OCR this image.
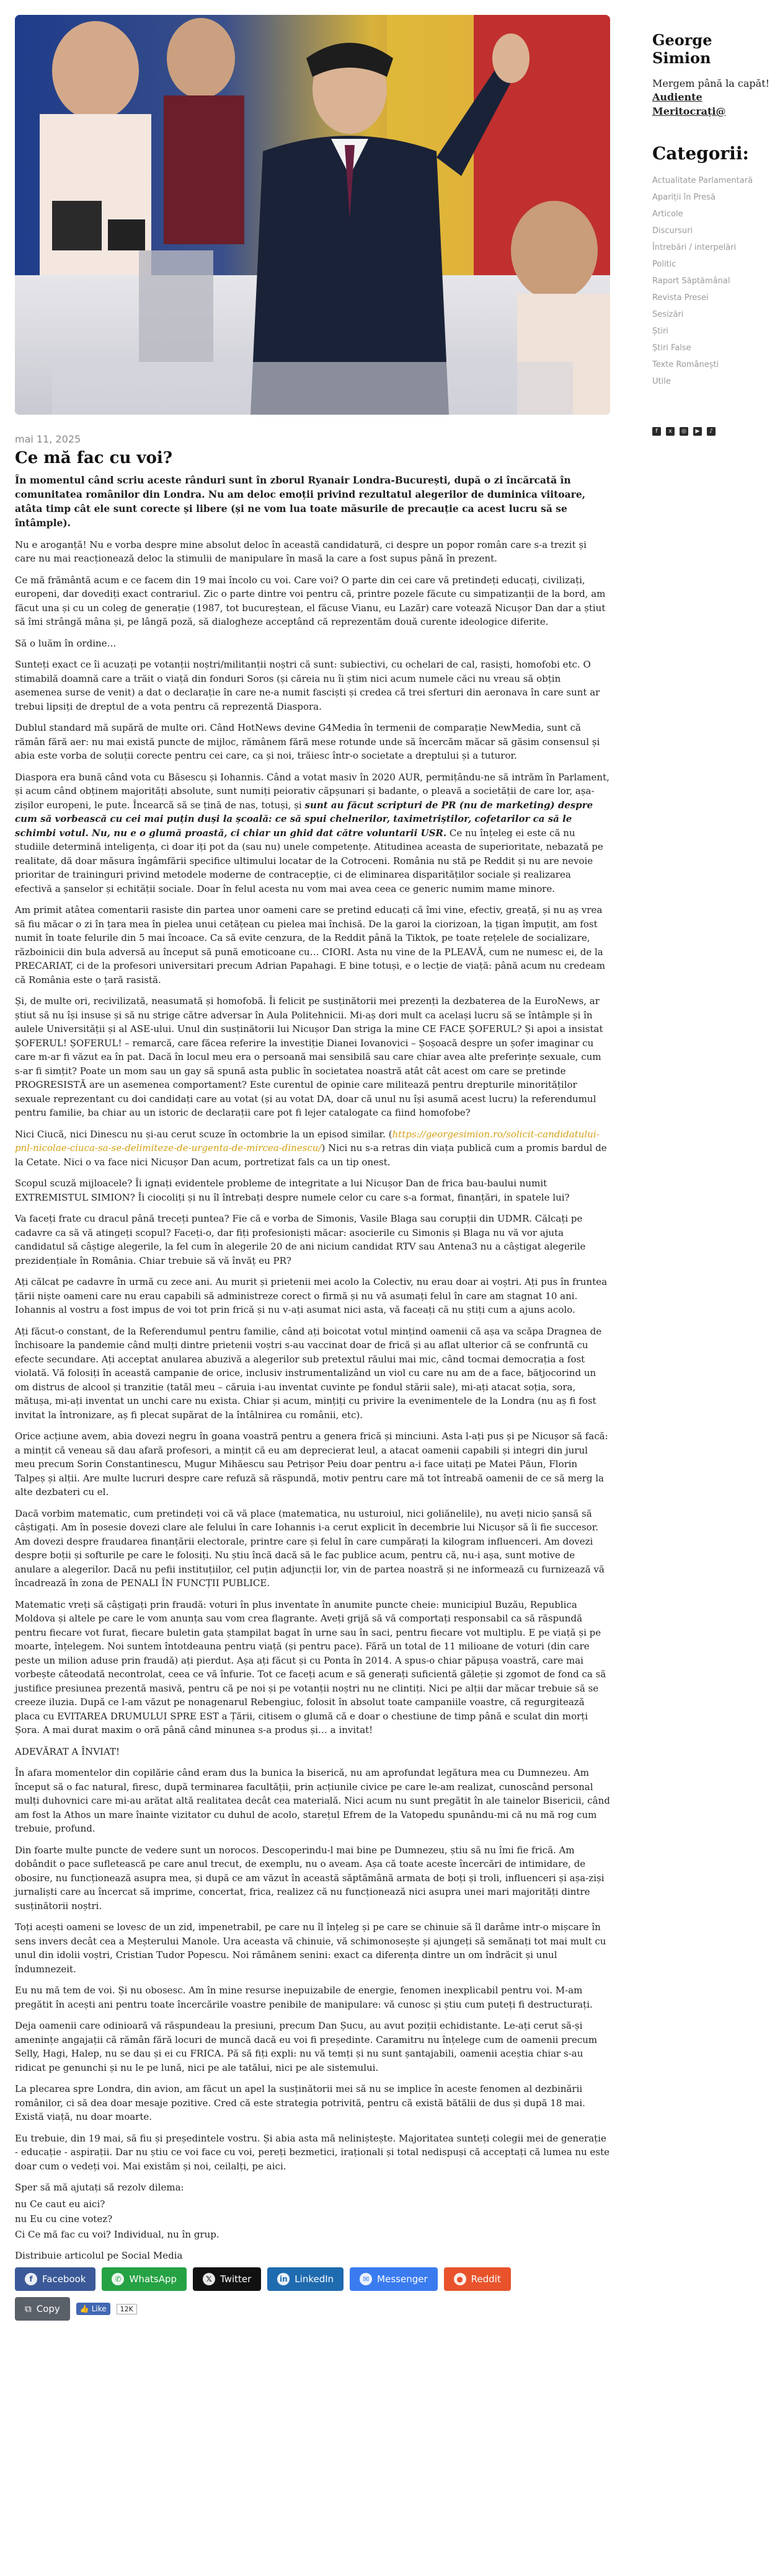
mai 11, 2025
Ce mă fac cu voi?

În momentul când scriu aceste rânduri sunt în zborul Ryanair Londra-București, după o zi încărcată în comunitatea românilor din Londra. Nu am deloc emoții privind rezultatul alegerilor de duminica viitoare, atâta timp cât ele sunt corecte și libere (și ne vom lua toate măsurile de precauție ca acest lucru să se întâmple).

Nu e aroganță! Nu e vorba despre mine absolut deloc în această candidatură, ci despre un popor român care s-a trezit și care nu mai reacționează deloc la stimulii de manipulare în masă la care a fost supus până în prezent.

Ce mă frământă acum e ce facem din 19 mai încolo cu voi. Care voi? O parte din cei care vă pretindeți educați, civilizați, europeni, dar dovediți exact contrariul. Zic o parte dintre voi pentru că, printre pozele făcute cu simpatizanții de la bord, am făcut una și cu un coleg de generație (1987, tot bucureștean, el făcuse Vianu, eu Lazăr) care votează Nicușor Dan dar a știut să îmi strângă mâna și, pe lângă poză, să dialogheze acceptând că reprezentăm două curente ideologice diferite.

Să o luăm în ordine…

Sunteți exact ce îi acuzați pe votanții noștri/militanții noștri că sunt: subiectivi, cu ochelari de cal, rasiști, homofobi etc. O stimabilă doamnă care a trăit o viață din fonduri Soros (și căreia nu îi știm nici acum numele căci nu vreau să obțin asemenea surse de venit) a dat o declarație în care ne-a numit fasciști și credea că trei sferturi din aeronava în care sunt ar trebui lipsiți de dreptul de a vota pentru că reprezentă Diaspora.

Dublul standard mă supără de multe ori. Când HotNews devine G4Media în termenii de comparație NewMedia, sunt că rămân fără aer: nu mai există puncte de mijloc, rămânem fără mese rotunde unde să încercăm măcar să găsim consensul și abia este vorba de soluții corecte pentru cei care, ca și noi, trăiesc într-o societate a dreptului și a tuturor.

Diaspora era bună când vota cu Băsescu și Iohannis. Când a votat masiv în 2020 AUR, permițându-ne să intrăm în Parlament, și acum când obținem majorități absolute, sunt numiți peiorativ căpșunari și badante, o pleavă a societății de care lor, așa-zișilor europeni, le pute. Încearcă să se țină de nas, totuși, și sunt au făcut scripturi de PR (nu de marketing) despre cum să vorbească cu cei mai puțin duși la școală: ce să spui chelnerilor, taximetriștilor, cofetarilor ca să le schimbi votul. Nu, nu e o glumă proastă, ci chiar un ghid dat către voluntarii USR. Ce nu înțeleg ei este că nu studiile determină inteligența, ci doar iți pot da (sau nu) unele competențe. Atitudinea aceasta de superioritate, nebazată pe realitate, dă doar măsura îngâmfării specifice ultimului locatar de la Cotroceni. România nu stă pe Reddit și nu are nevoie prioritar de trainingurі privind metodele moderne de contracepție, ci de eliminarea disparităților sociale și realizarea efectivă a șanselor și echității sociale. Doar în felul acesta nu vom mai avea ceea ce generic numim mame minore.

Am primit atâtea comentarii rasiste din partea unor oameni care se pretind educați că îmi vine, efectiv, greață, și nu aș vrea să fiu măcar o zi în țara mea în pielea unui cetățean cu pielea mai închisă. De la garoi la ciorizoan, la țigan împuțit, am fost numit în toate felurile din 5 mai încoace. Ca să evite cenzura, de la Reddit până la Tiktok, pe toate rețelele de socializare, războinicii din bula adversă au început să pună emoticoane cu… CIORI. Asta nu vine de la PLEAVĂ, cum ne numesc ei, de la PRECARIAT, ci de la profesori universitari precum Adrian Papahagi. E bine totuși, e o lecție de viață: până acum nu credeam că România este o țară rasistă.

Și, de multe ori, recivilizată, neasumată și homofobă. Îi felicit pe susținătorii mei prezenți la dezbaterea de la EuroNews, ar știut să nu își insuse și să nu strige către adversar în Aula Politehnicii. Mi-aș dori mult ca același lucru să se întâmple și în aulele Universității și al ASE-ului. Unul din susținătorii lui Nicușor Dan striga la mine CE FACE ȘOFERUL? Și apoi a insistat ȘOFERUL! ȘOFERUL! – remarcă, care făcea referire la investiție Dianei Iovanovici – Șoșoacă despre un șofer imaginar cu care m-ar fi văzut ea în pat. Dacă în locul meu era o persoană mai sensibilă sau care chiar avea alte preferințe sexuale, cum s-ar fi simțit? Poate un mom sau un gay să spună asta public în societatea noastră atât cât acest om care se pretinde PROGRESISTĂ are un asemenea comportament? Este curentul de opinie care militează pentru drepturile minorităților sexuale reprezentant cu doi candidați care au votat (și au votat DA, doar că unul nu își asumă acest lucru) la referendumul pentru familie, ba chiar au un istoric de declarații care pot fi lejer catalogate ca fiind homofobe?

Nici Ciucă, nici Dinescu nu și-au cerut scuze în octombrie la un episod similar. (https://georgesimion.ro/solicit-candidatului-pnl-nicolae-ciuca-sa-se-delimiteze-de-urgenta-de-mircea-dinescu/) Nici nu s-a retras din viața publică cum a promis bardul de la Cetate. Nici o va face nici Nicușor Dan acum, portretizat fals ca un tip onest.

Scopul scuză mijloacele? Îi ignați evidentele probleme de integritate a lui Nicușor Dan de frica bau-baului numit EXTREMISTUL SIMION? Îi ciocoliți și nu îl întrebați despre numele celor cu care s-a format, finanțări, in spatele lui?

Va faceți frate cu dracul până treceți puntea? Fie că e vorba de Simonis, Vasile Blaga sau corupții din UDMR. Călcați pe cadavre ca să vă atingeți scopul? Faceți-o, dar fiți profesioniști măcar: asocierile cu Simonis și Blaga nu vă vor ajuta candidatul să câștige alegerile, la fel cum în alegerile 20 de ani nicium candidat RTV sau Antena3 nu a câștigat alegerile prezidențiale în România. Chiar trebuie să vă învăț eu PR?

Ați călcat pe cadavre în urmă cu zece ani. Au murit și prietenii mei acolo la Colectiv, nu erau doar ai voștri. Ați pus în fruntea țării niște oameni care nu erau capabili să administreze corect o firmă și nu vă asumați felul în care am stagnat 10 ani. Iohannis al vostru a fost impus de voi tot prin frică și nu v-ați asumat nici asta, vă faceați că nu știți cum a ajuns acolo.

Ați făcut-o constant, de la Referendumul pentru familie, când ați boicotat votul mințind oamenii că așa va scăpa Dragnea de închisoare la pandemie când mulți dintre prietenii voștri s-au vaccinat doar de frică și au aflat ulterior că se confruntă cu efecte secundare. Ați acceptat anularea abuzivă a alegerilor sub pretextul răului mai mic, când tocmai democrația a fost violată. Vă folosiți în această campanie de orice, inclusiv instrumentalizând un viol cu care nu am de a face, bătjocorind un om distrus de alcool și tranzitie (tatăl meu – căruia i-au inventat cuvinte pe fondul stării sale), mi-ați atacat soția, sora, mătușa, mi-ați inventat un unchi care nu exista. Chiar și acum, mințiți cu privire la evenimentele de la Londra (nu aș fi fost invitat la întronizare, aș fi plecat supărat de la întâlnirea cu românii, etc).

Orice acțiune avem, abia dovezi negru în goana voastră pentru a genera frică și minciuni. Asta l-ați pus și pe Nicușor să facă: a mințit că veneau să dau afară profesori, a mințit că eu am deprecierat leul, a atacat oamenii capabili și integri din jurul meu precum Sorin Constantinescu, Mugur Mihăescu sau Petrișor Peiu doar pentru a-i face uitați pe Matei Păun, Florin Talpeș și alții. Are multe lucruri despre care refuză să răspundă, motiv pentru care mă tot întreabă oamenii de ce să merg la alte dezbateri cu el.

Dacă vorbim matematic, cum pretindeți voi că vă place (matematica, nu usturoiul, nici goliănelile), nu aveți nicio șansă să câștigați. Am în posesie dovezi clare ale felului în care Iohannis i-a cerut explicit în decembrie lui Nicușor să îi fie succesor. Am dovezi despre fraudarea finanțării electorale, printre care și felul în care cumpărați la kilogram influenceri. Am dovezi despre boții și softurile pe care le folosiți. Nu știu încă dacă să le fac publice acum, pentru că, nu-i așa, sunt motive de anulare a alegerilor. Dacă nu pefii instituțiilor, cel puțin adjuncții lor, vin de partea noastră și ne informează cu furnizează vă încadrează în zona de PENALI ÎN FUNCȚII PUBLICE.

Matematic vreți să câștigați prin fraudă: voturi în plus inventate în anumite puncte cheie: municipiul Buzău, Republica Moldova și altele pe care le vom anunța sau vom crea flagrante. Aveți grijă să vă comportați responsabil ca să răspundă pentru fiecare vot furat, fiecare buletin gata ștampilat bagat în urne sau în saci, pentru fiecare vot multiplu. E pe viață și pe moarte, înțelegem. Noi suntem întotdeauna pentru viață (și pentru pace). Fără un total de 11 milioane de voturi (din care peste un milion aduse prin fraudă) ați pierdut. Așa ați făcut și cu Ponta în 2014. A spus-o chiar păpușa voastră, care mai vorbește câteodată necontrolat, ceea ce vă înfurie. Tot ce faceți acum e să generați suficientă găleție și zgomot de fond ca să justifice presiunea prezentă masivă, pentru că pe noi și pe votanții noștri nu ne clintiți. Nici pe alții dar măcar trebuie să se creeze iluzia. După ce l-am văzut pe nonagenarul Rebengiuc, folosit în absolut toate campaniile voastre, că regurgitează placa cu EVITAREA DRUMULUI SPRE EST a Țării, citisem o glumă că e doar o chestiune de timp până e sculat din morți Șora. A mai durat maxim o oră până când minunea s-a produs și… a invitat!

ADEVĂRAT A ÎNVIAT!

În afara momentelor din copilărie când eram dus la bunica la biserică, nu am aprofundat legătura mea cu Dumnezeu. Am început să o fac natural, firesc, după terminarea facultății, prin acțiunile civice pe care le-am realizat, cunoscând personal mulți duhovnici care mi-au arătat altă realitatea decât cea materială. Nici acum nu sunt pregătit în ale tainelor Bisericii, când am fost la Athos un mare înainte vizitator cu duhul de acolo, starețul Efrem de la Vatopedu spunându-mi că nu mă rog cum trebuie, profund.

Din foarte multe puncte de vedere sunt un norocos. Descoperindu-l mai bine pe Dumnezeu, știu să nu îmi fie frică. Am dobândit o pace sufletească pe care anul trecut, de exemplu, nu o aveam. Așa că toate aceste încercări de intimidare, de obosire, nu funcționează asupra mea, și după ce am văzut în această săptămână armata de boți și troli, influenceri și așa-ziși jurnaliști care au încercat să imprime, concertat, frica, realizez că nu funcționează nici asupra unei mari majorități dintre susținătorii noștri.

Toți acești oameni se lovesc de un zid, impenetrabil, pe care nu îl înțeleg și pe care se chinuie să îl darâme intr-o mișcare în sens invers decât cea a Meșterului Manole. Ura aceasta vă chinuie, vă schimonosește și ajungeți să semănați tot mai mult cu unul din idolii voștri, Cristian Tudor Popescu. Noi rămânem senini: exact ca diferența dintre un om îndrăcit și unul îndumnezeit.

Eu nu mă tem de voi. Și nu obosesc. Am în mine resurse inepuizabile de energie, fenomen inexplicabil pentru voi. M-am pregătit în acești ani pentru toate încercările voastre penibile de manipulare: vă cunosc și știu cum puteți fi destructurați.

Deja oamenii care odinioară vă răspundeau la presiuni, precum Dan Șucu, au avut poziții echidistante. Le-ați cerut să-și amenințe angajații că rămân fără locuri de muncă dacă eu voi fi președinte. Caramitru nu înțelege cum de oamenii precum Selly, Hagi, Halep, nu se dau și ei cu FRICA. Pă să fiți expli: nu vă temți și nu sunt șantajabili, oamenii aceștia chiar s-au ridicat pe genunchi și nu le pe lună, nici pe ale tatălui, nici pe ale sistemului.

La plecarea spre Londra, din avion, am făcut un apel la susținătorii mei să nu se implice în aceste fenomen al dezbinării românilor, ci să dea doar mesaje pozitive. Cred că este strategia potrivită, pentru că există bătălii de dus și după 18 mai. Există viață, nu doar moarte.

Eu trebuie, din 19 mai, să fiu și președintele vostru. Și abia asta mă neliniștește. Majoritatea sunteți colegii mei de generație - educație - aspirații. Dar nu știu ce voi face cu voi, pereți bezmetici, iraționali și total nedispuși că acceptați că lumea nu este doar cum o vedeți voi. Mai existăm și noi, ceilalți, pe aici.

Sper să mă ajutați să rezolv dilema:

nu Ce caut eu aici?

nu Eu cu cine votez?

Ci Ce mă fac cu voi? Individual, nu în grup.

Distribuie articolul pe Social Media
f	Facebook	✆ WhatsApp	𝕏 Twitter	in LinkedIn	✉ Messenger	● Reddit
⧉ Copy	👍 Like	12K
George Simion
Mergem până la capăt!
Audiente
Meritocrați@
Categorii:
Actualitate Parlamentară
Apariții în Presă
Articole
Discursuri
Întrebări / interpelări
Politic
Raport Săptămânal
Revista Presei
Sesizări
Știri
Știri False
Texte Românești
Utile
f	x	◎	▶	♪
